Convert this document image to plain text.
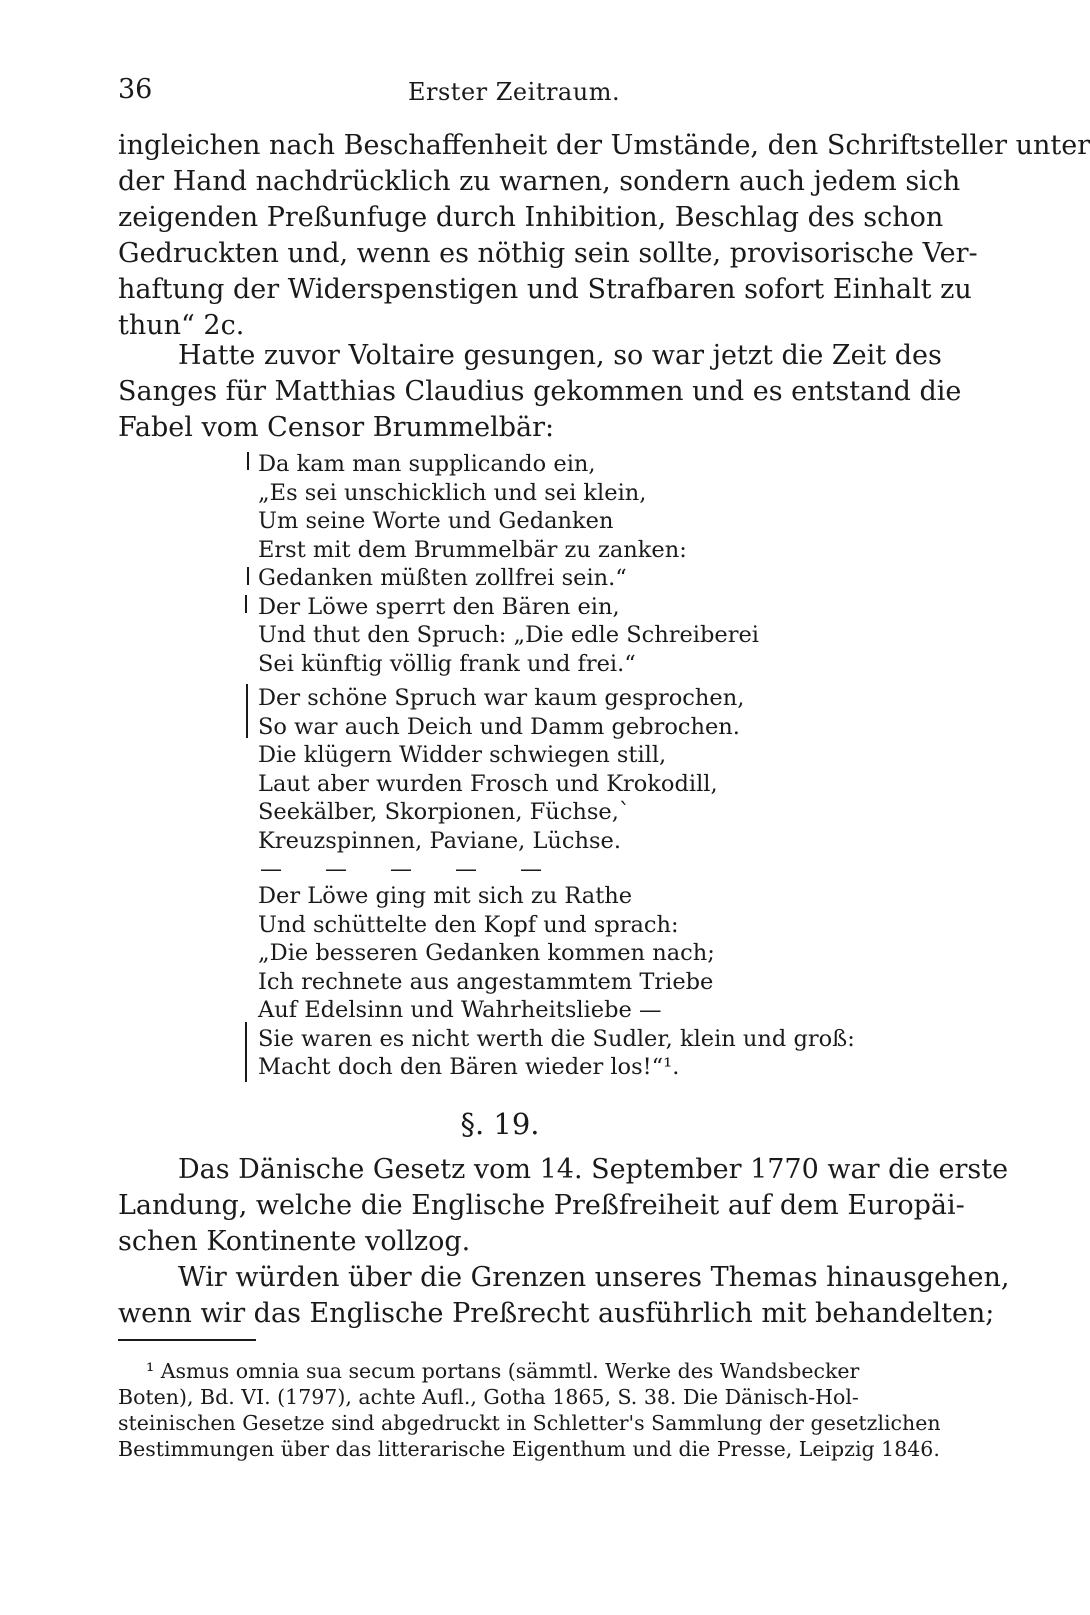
36	Erster Zeitraum.
ingleichen nach Beschaffenheit der Umstände, den Schriftsteller unter
der Hand nachdrücklich zu warnen, sondern auch jedem sich
zeigenden Preßunfuge durch Inhibition, Beschlag des schon
Gedruckten und, wenn es nöthig sein sollte, provisorische Ver-
haftung der Widerspenstigen und Strafbaren sofort Einhalt zu
thun“ 2c.
Hatte zuvor Voltaire gesungen, so war jetzt die Zeit des
Sanges für Matthias Claudius gekommen und es entstand die
Fabel vom Censor Brummelbär:
Da kam man supplicando ein,
„Es sei unschicklich und sei klein,
Um seine Worte und Gedanken
Erst mit dem Brummelbär zu zanken:
Gedanken müßten zollfrei sein.“
Der Löwe sperrt den Bären ein,
Und thut den Spruch: „Die edle Schreiberei
Sei künftig völlig frank und frei.“
Der schöne Spruch war kaum gesprochen,
So war auch Deich und Damm gebrochen.
Die klügern Widder schwiegen still,
Laut aber wurden Frosch und Krokodill,
Seekälber, Skorpionen, Füchse,`
Kreuzspinnen, Paviane, Lüchse.
— — — — —
Der Löwe ging mit sich zu Rathe
Und schüttelte den Kopf und sprach:
„Die besseren Gedanken kommen nach;
Ich rechnete aus angestammtem Triebe
Auf Edelsinn und Wahrheitsliebe —
Sie waren es nicht werth die Sudler, klein und groß:
Macht doch den Bären wieder los!“¹.
§. 19.
Das Dänische Gesetz vom 14. September 1770 war die erste
Landung, welche die Englische Preßfreiheit auf dem Europäi-
schen Kontinente vollzog.
Wir würden über die Grenzen unseres Themas hinausgehen,
wenn wir das Englische Preßrecht ausführlich mit behandelten;
¹ Asmus omnia sua secum portans (sämmtl. Werke des Wandsbecker
Boten), Bd. VI. (1797), achte Aufl., Gotha 1865, S. 38. Die Dänisch-Hol-
steinischen Gesetze sind abgedruckt in Schletter's Sammlung der gesetzlichen
Bestimmungen über das litterarische Eigenthum und die Presse, Leipzig 1846.
